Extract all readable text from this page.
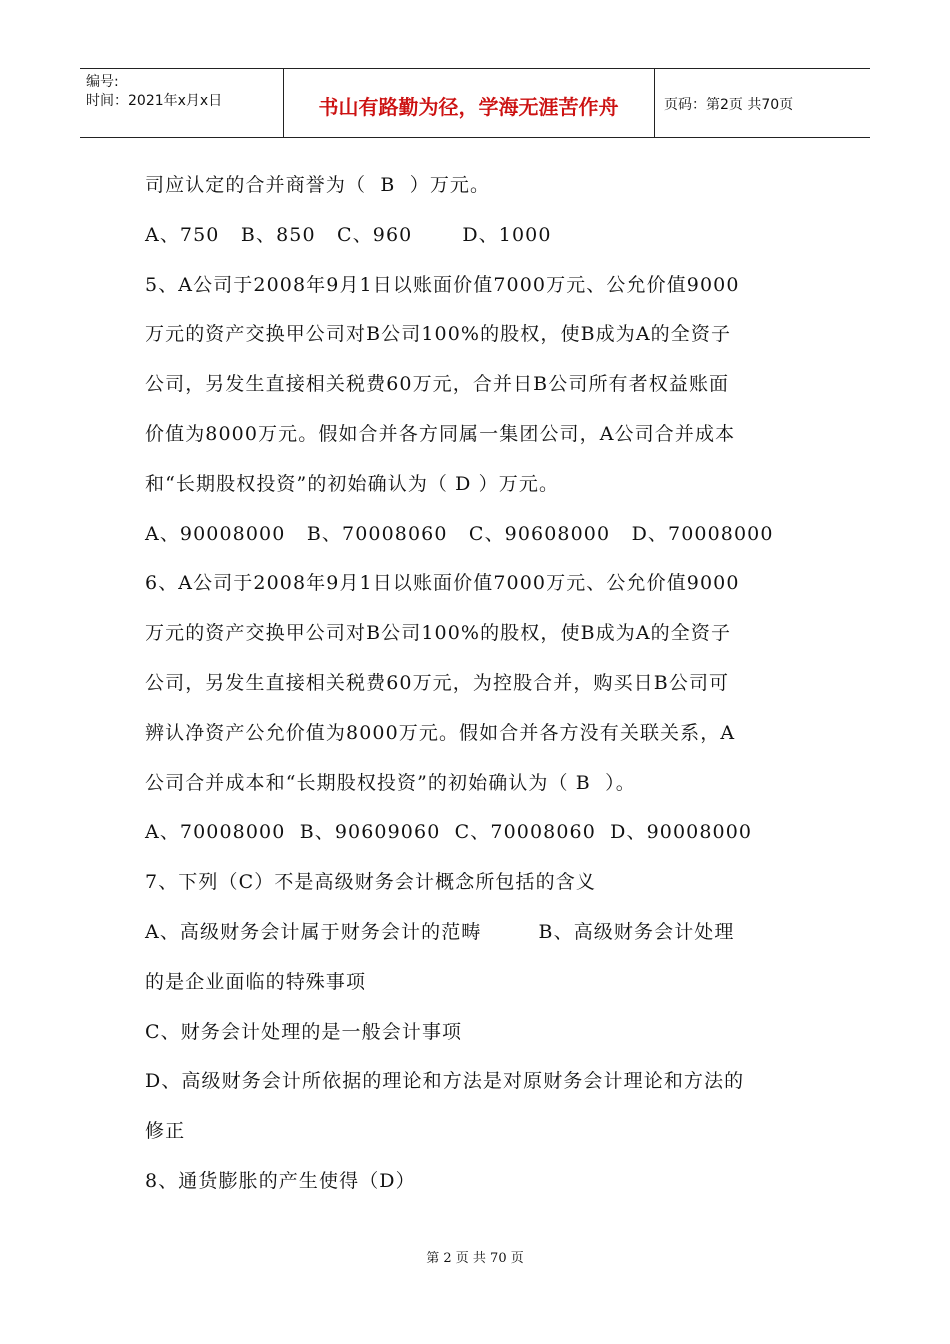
编号:
时间：2021年x月x日	书山有路勤为径，学海无涯苦作舟	页码：第2页 共70页
司应认定的合并商誉为（  B  ）万元。
A、750   B、850   C、960       D、1000
5、A公司于2008年9月1日以账面价值7000万元、公允价值9000
万元的资产交换甲公司对B公司100%的股权，使B成为A的全资子
公司，另发生直接相关税费60万元，合并日B公司所有者权益账面
价值为8000万元。假如合并各方同属一集团公司，A公司合并成本
和“长期股权投资”的初始确认为（ D ）万元。
A、90008000   B、70008060   C、90608000   D、70008000
6、A公司于2008年9月1日以账面价值7000万元、公允价值9000
万元的资产交换甲公司对B公司100%的股权，使B成为A的全资子
公司，另发生直接相关税费60万元，为控股合并，购买日B公司可
辨认净资产公允价值为8000万元。假如合并各方没有关联关系，A
公司合并成本和“长期股权投资”的初始确认为（ B  ）。
A、70008000  B、90609060  C、70008060  D、90008000
7、下列（C）不是高级财务会计概念所包括的含义
A、高级财务会计属于财务会计的范畴        B、高级财务会计处理
的是企业面临的特殊事项
C、财务会计处理的是一般会计事项
D、高级财务会计所依据的理论和方法是对原财务会计理论和方法的
修正
8、通货膨胀的产生使得（D）
第 2 页 共 70 页
